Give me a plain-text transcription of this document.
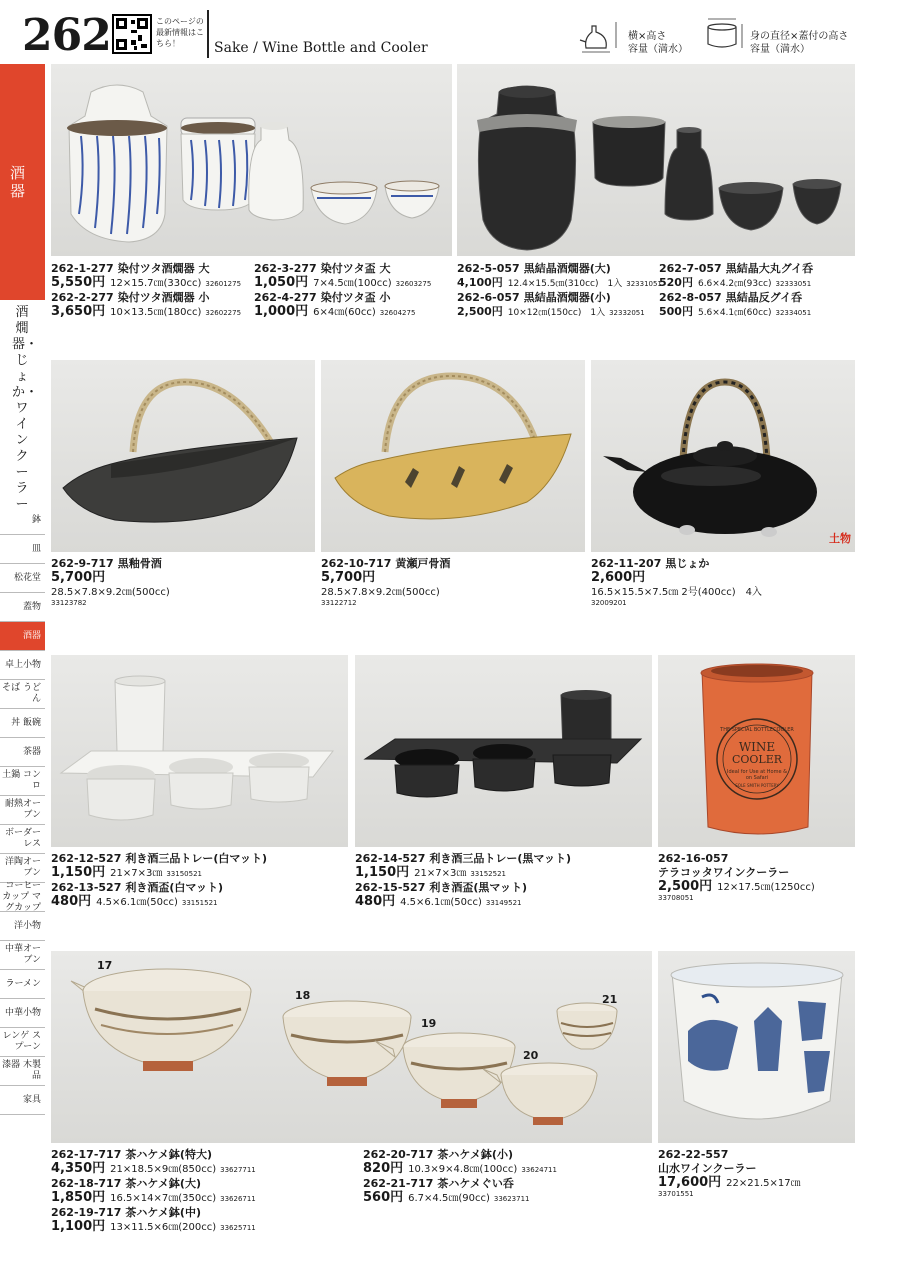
262	このページの最新情報はこちら！	Sake / Wine Bottle and Cooler
横×高さ
容量（満水）
身の直径×蓋付の高さ
容量（満水）
酒器
酒燗器・じょか・ワインクーラー
鉢
皿
松花堂
蓋物
酒器
卓上小物
そば うどん
丼 飯碗
茶器
土鍋 コンロ
耐熱オーブン
ボーダーレス
洋陶オーブン
コーヒーカップ マグカップ
洋小物
中華オーブン
ラーメン
中華小物
レンゲ スプーン
漆器 木製品
家具
262-1-277 染付ツタ酒燗器 大
5,550円 12×15.7㎝(330cc) 32601275
262-2-277 染付ツタ酒燗器 小
3,650円 10×13.5㎝(180cc) 32602275
262-3-277 染付ツタ盃 大
1,050円 7×4.5㎝(100cc) 32603275
262-4-277 染付ツタ盃 小
1,000円 6×4㎝(60cc) 32604275
262-5-057 黒結晶酒燗器(大)
4,100円 12.4×15.5㎝(310cc)　1入 32331051
262-6-057 黒結晶酒燗器(小)
2,500円 10×12㎝(150cc)　1入 32332051
262-7-057 黒結晶大丸グイ呑
520円 6.6×4.2㎝(93cc) 32333051
262-8-057 黒結晶反グイ呑
500円 5.6×4.1㎝(60cc) 32334051
土物
262-9-717 黒釉骨酒
5,700円
28.5×7.8×9.2㎝(500cc)
33123782
262-10-717 黄瀬戸骨酒
5,700円
28.5×7.8×9.2㎝(500cc)
33122712
262-11-207 黒じょか
2,600円
16.5×15.5×7.5㎝ 2号(400cc)　4入
32009201
THE SPECIAL BOTTLECOOLER
WINE
COOLER
Ideal for Use at Home & on Safari
SOLE SMITH POTTERY
262-12-527 利き酒三品トレー(白マット)
1,150円 21×7×3㎝ 33150521
262-13-527 利き酒盃(白マット)
480円 4.5×6.1㎝(50cc) 33151521
262-14-527 利き酒三品トレー(黒マット)
1,150円 21×7×3㎝ 33152521
262-15-527 利き酒盃(黒マット)
480円 4.5×6.1㎝(50cc) 33149521
262-16-057
テラコッタワインクーラー
2,500円 12×17.5㎝(1250cc)
33708051
17
18
19
20
21
262-17-717 茶ハケメ鉢(特大)
4,350円 21×18.5×9㎝(850cc) 33627711
262-18-717 茶ハケメ鉢(大)
1,850円 16.5×14×7㎝(350cc) 33626711
262-19-717 茶ハケメ鉢(中)
1,100円 13×11.5×6㎝(200cc) 33625711
262-20-717 茶ハケメ鉢(小)
820円 10.3×9×4.8㎝(100cc) 33624711
262-21-717 茶ハケメぐい呑
560円 6.7×4.5㎝(90cc) 33623711
262-22-557
山水ワインクーラー
17,600円 22×21.5×17㎝
33701551
